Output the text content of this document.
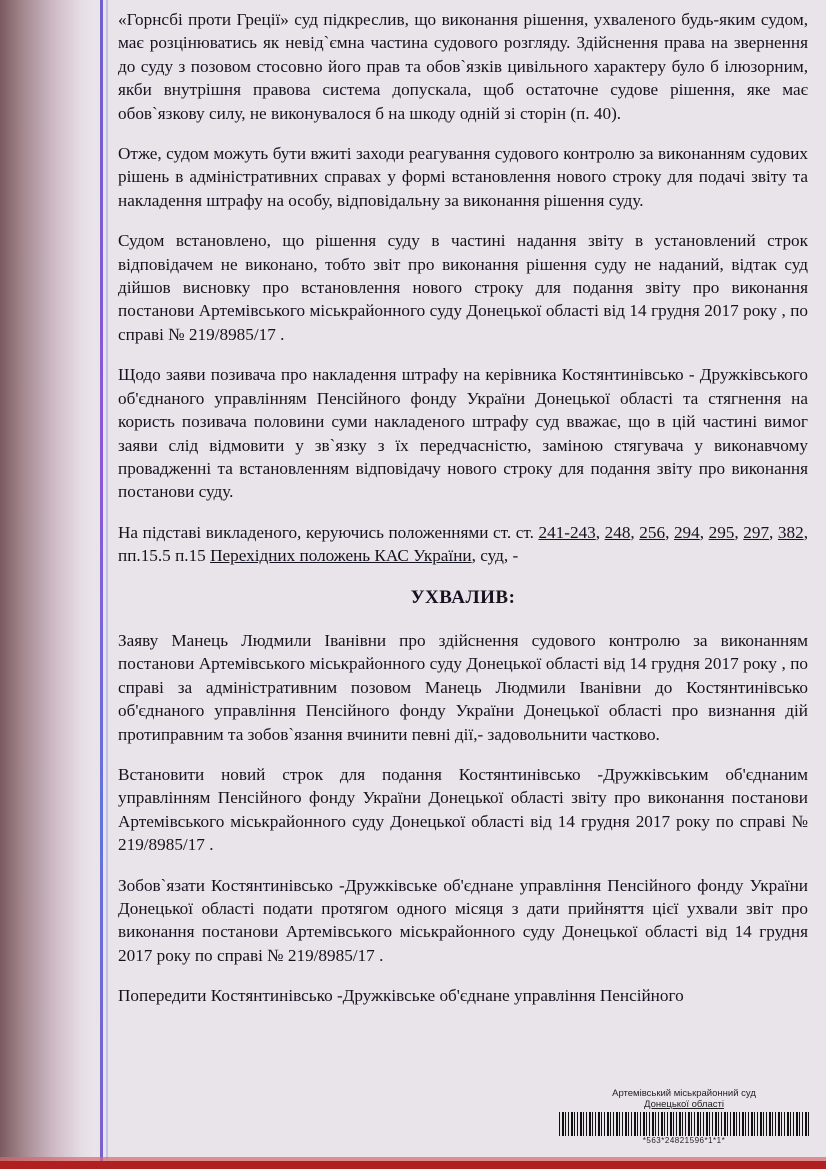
«Горнсбі проти Греції» суд підкреслив, що виконання рішення, ухваленого будь-яким судом, має розцінюватись як невід`ємна частина судового розгляду. Здійснення права на звернення до суду з позовом стосовно його прав та обов`язків цивільного характеру було б ілюзорним, якби внутрішня правова система допускала, щоб остаточне судове рішення, яке має обов`язкову силу, не виконувалося б на шкоду одній зі сторін (п. 40).

Отже, судом можуть бути вжиті заходи реагування судового контролю за виконанням судових рішень в адміністративних справах у формі встановлення нового строку для подачі звіту та накладення штрафу на особу, відповідальну за виконання рішення суду.

Судом встановлено, що рішення суду в частині надання звіту в установлений строк відповідачем не виконано, тобто звіт про виконання рішення суду не наданий, відтак суд дійшов висновку про встановлення нового строку для подання звіту про виконання постанови Артемівського міськрайонного суду Донецької області від 14 грудня 2017 року , по справі № 219/8985/17 .

Щодо заяви позивача про накладення штрафу на керівника Костянтинівсько - Дружківського об'єднаного управлінням Пенсійного фонду України Донецької області та стягнення на користь позивача половини суми накладеного штрафу суд вважає, що в цій частині вимог заяви слід відмовити у зв`язку з їх передчасністю, заміною стягувача у виконавчому провадженні та встановленням відповідачу нового строку для подання звіту про виконання постанови суду.

На підставі викладеного, керуючись положеннями ст. ст. 241-243, 248, 256, 294, 295, 297, 382, пп.15.5 п.15 Перехідних положень КАС України, суд, -

УХВАЛИВ:

Заяву Манець Людмили Іванівни про здійснення судового контролю за виконанням постанови Артемівського міськрайонного суду Донецької області від 14 грудня 2017 року , по справі за адміністративним позовом Манець Людмили Іванівни до Костянтинівсько об'єднаного управління Пенсійного фонду України Донецької області про визнання дій протиправним та зобов`язання вчинити певні дії,- задовольнити частково.

Встановити новий строк для подання Костянтинівсько -Дружківським об'єднаним управлінням Пенсійного фонду України Донецької області звіту про виконання постанови Артемівського міськрайонного суду Донецької області від 14 грудня 2017 року по справі № 219/8985/17 .

Зобов`язати Костянтинівсько -Дружківське об'єднане управління Пенсійного фонду України Донецької області подати протягом одного місяця з дати прийняття цієї ухвали звіт про виконання постанови Артемівського міськрайонного суду Донецької області від 14 грудня 2017 року по справі № 219/8985/17 .

Попередити Костянтинівсько -Дружківське об'єднане управління Пенсійного

Артемівський міськрайонний суд
Донецької області
*563*24821596*1*1*
